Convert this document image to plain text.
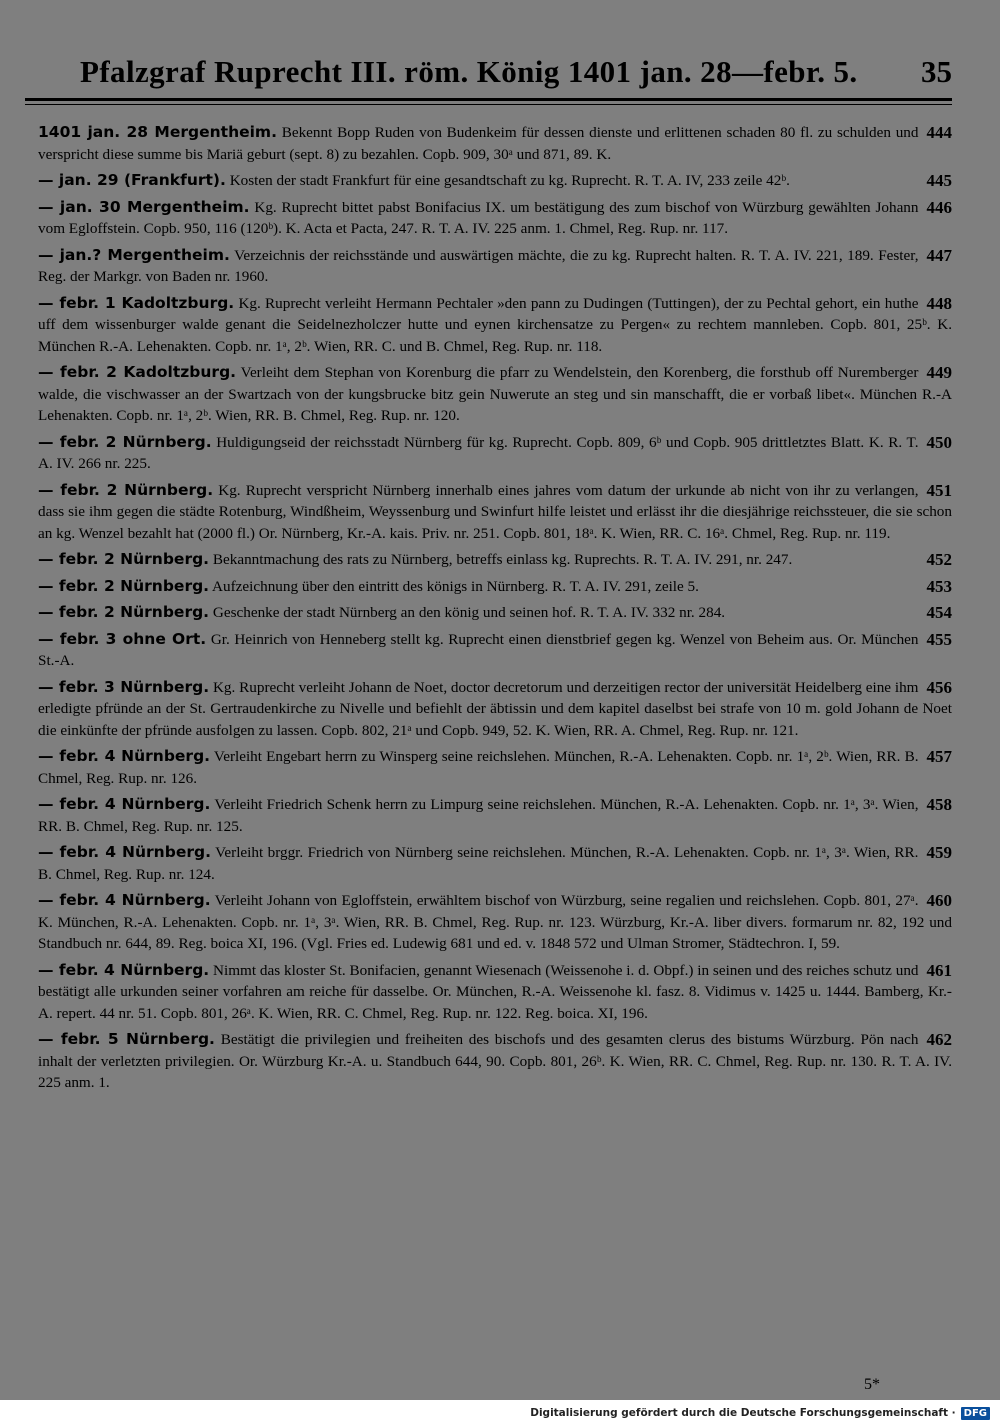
Pfalzgraf Ruprecht III. röm. König 1401 jan. 28—febr. 5. 35
444
1401 jan. 28 Mergentheim. Bekennt Bopp Ruden von Budenkeim für dessen dienste und erlittenen schaden 80 fl. zu schulden und verspricht diese summe bis Mariä geburt (sept. 8) zu bezahlen. Copb. 909, 30ᵃ und 871, 89. K.
445
— jan. 29 (Frankfurt). Kosten der stadt Frankfurt für eine gesandtschaft zu kg. Ruprecht. R. T. A. IV, 233 zeile 42ᵇ.
446
— jan. 30 Mergentheim. Kg. Ruprecht bittet pabst Bonifacius IX. um bestätigung des zum bischof von Würzburg gewählten Johann vom Egloffstein. Copb. 950, 116 (120ᵇ). K. Acta et Pacta, 247. R. T. A. IV. 225 anm. 1. Chmel, Reg. Rup. nr. 117.
447
— jan.? Mergentheim. Verzeichnis der reichsstände und auswärtigen mächte, die zu kg. Ruprecht halten. R. T. A. IV. 221, 189. Fester, Reg. der Markgr. von Baden nr. 1960.
448
— febr. 1 Kadoltzburg. Kg. Ruprecht verleiht Hermann Pechtaler »den pann zu Dudingen (Tuttingen), der zu Pechtal gehort, ein huthe uff dem wissenburger walde genant die Seidelnezholczer hutte und eynen kirchensatze zu Pergen« zu rechtem mannleben. Copb. 801, 25ᵇ. K. München R.-A. Lehenakten. Copb. nr. 1ᵃ, 2ᵇ. Wien, RR. C. und B. Chmel, Reg. Rup. nr. 118.
449
— febr. 2 Kadoltzburg. Verleiht dem Stephan von Korenburg die pfarr zu Wendelstein, den Korenberg, die forsthub off Nuremberger walde, die vischwasser an der Swartzach von der kungsbrucke bitz gein Nuwerute an steg und sin manschafft, die er vorbaß libet«. München R.-A Lehenakten. Copb. nr. 1ᵃ, 2ᵇ. Wien, RR. B. Chmel, Reg. Rup. nr. 120.
450
— febr. 2 Nürnberg. Huldigungseid der reichsstadt Nürnberg für kg. Ruprecht. Copb. 809, 6ᵇ und Copb. 905 drittletztes Blatt. K. R. T. A. IV. 266 nr. 225.
451
— febr. 2 Nürnberg. Kg. Ruprecht verspricht Nürnberg innerhalb eines jahres vom datum der urkunde ab nicht von ihr zu verlangen, dass sie ihm gegen die städte Rotenburg, Windßheim, Weyssenburg und Swinfurt hilfe leistet und erlässt ihr die diesjährige reichssteuer, die sie schon an kg. Wenzel bezahlt hat (2000 fl.) Or. Nürnberg, Kr.-A. kais. Priv. nr. 251. Copb. 801, 18ᵃ. K. Wien, RR. C. 16ᵃ. Chmel, Reg. Rup. nr. 119.
452
— febr. 2 Nürnberg. Bekanntmachung des rats zu Nürnberg, betreffs einlass kg. Ruprechts. R. T. A. IV. 291, nr. 247.
453
— febr. 2 Nürnberg. Aufzeichnung über den eintritt des königs in Nürnberg. R. T. A. IV. 291, zeile 5.
454
— febr. 2 Nürnberg. Geschenke der stadt Nürnberg an den könig und seinen hof. R. T. A. IV. 332 nr. 284.
455
— febr. 3 ohne Ort. Gr. Heinrich von Henneberg stellt kg. Ruprecht einen dienstbrief gegen kg. Wenzel von Beheim aus. Or. München St.-A.
456
— febr. 3 Nürnberg. Kg. Ruprecht verleiht Johann de Noet, doctor decretorum und derzeitigen rector der universität Heidelberg eine ihm erledigte pfründe an der St. Gertraudenkirche zu Nivelle und befiehlt der äbtissin und dem kapitel daselbst bei strafe von 10 m. gold Johann de Noet die einkünfte der pfründe ausfolgen zu lassen. Copb. 802, 21ᵃ und Copb. 949, 52. K. Wien, RR. A. Chmel, Reg. Rup. nr. 121.
457
— febr. 4 Nürnberg. Verleiht Engebart herrn zu Winsperg seine reichslehen. München, R.-A. Lehenakten. Copb. nr. 1ᵃ, 2ᵇ. Wien, RR. B. Chmel, Reg. Rup. nr. 126.
458
— febr. 4 Nürnberg. Verleiht Friedrich Schenk herrn zu Limpurg seine reichslehen. München, R.-A. Lehenakten. Copb. nr. 1ᵃ, 3ᵃ. Wien, RR. B. Chmel, Reg. Rup. nr. 125.
459
— febr. 4 Nürnberg. Verleiht brggr. Friedrich von Nürnberg seine reichslehen. München, R.-A. Lehenakten. Copb. nr. 1ᵃ, 3ᵃ. Wien, RR. B. Chmel, Reg. Rup. nr. 124.
460
— febr. 4 Nürnberg. Verleiht Johann von Egloffstein, erwähltem bischof von Würzburg, seine regalien und reichslehen. Copb. 801, 27ᵃ. K. München, R.-A. Lehenakten. Copb. nr. 1ᵃ, 3ᵃ. Wien, RR. B. Chmel, Reg. Rup. nr. 123. Würzburg, Kr.-A. liber divers. formarum nr. 82, 192 und Standbuch nr. 644, 89. Reg. boica XI, 196. (Vgl. Fries ed. Ludewig 681 und ed. v. 1848 572 und Ulman Stromer, Städtechron. I, 59.
461
— febr. 4 Nürnberg. Nimmt das kloster St. Bonifacien, genannt Wiesenach (Weissenohe i. d. Obpf.) in seinen und des reiches schutz und bestätigt alle urkunden seiner vorfahren am reiche für dasselbe. Or. München, R.-A. Weissenohe kl. fasz. 8. Vidimus v. 1425 u. 1444. Bamberg, Kr.-A. repert. 44 nr. 51. Copb. 801, 26ᵃ. K. Wien, RR. C. Chmel, Reg. Rup. nr. 122. Reg. boica. XI, 196.
462
— febr. 5 Nürnberg. Bestätigt die privilegien und freiheiten des bischofs und des gesamten clerus des bistums Würzburg. Pön nach inhalt der verletzten privilegien. Or. Würzburg Kr.-A. u. Standbuch 644, 90. Copb. 801, 26ᵇ. K. Wien, RR. C. Chmel, Reg. Rup. nr. 130. R. T. A. IV. 225 anm. 1.
5*
Digitalisierung gefördert durch die Deutsche Forschungsgemeinschaft · DFG
